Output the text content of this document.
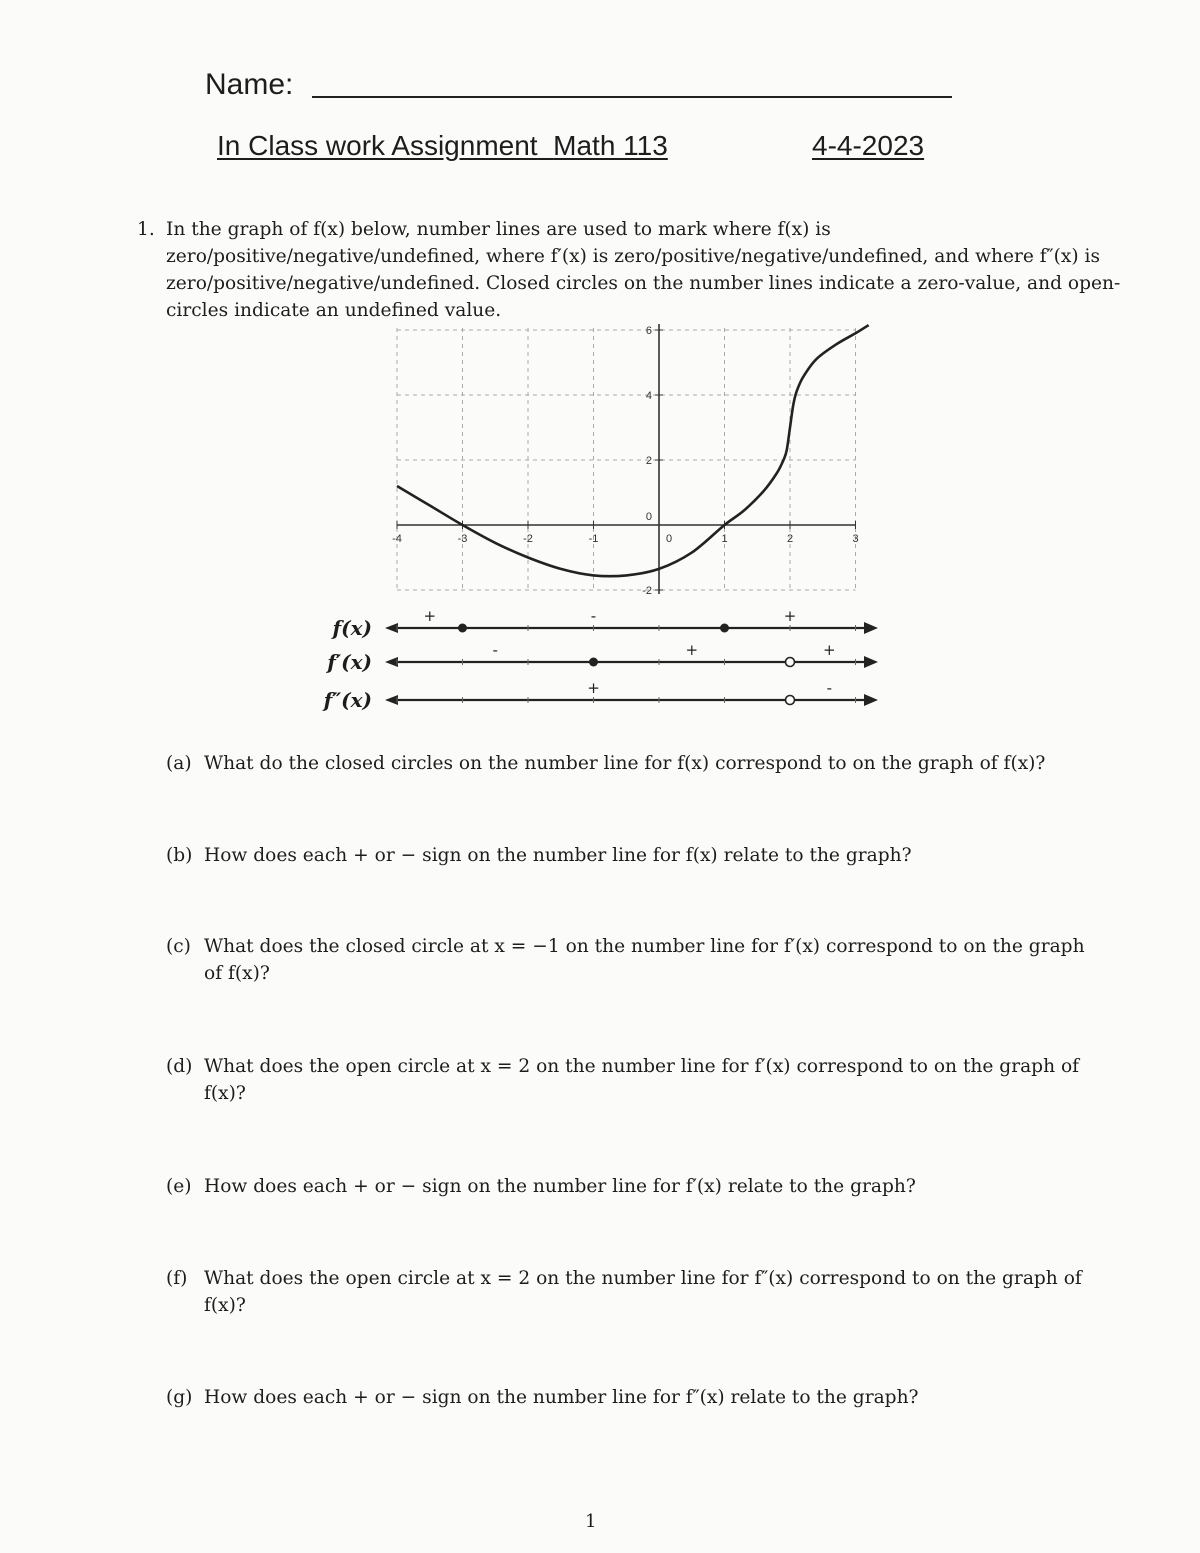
Name:
In Class work Assignment Math 113	4-4-2023
1. In the graph of f(x) below, number lines are used to mark where f(x) is zero/positive/negative/undefined, where f′(x) is zero/positive/negative/undefined, and where f″(x) is zero/positive/negative/undefined. Closed circles on the number lines indicate a zero-value, and open-circles indicate an undefined value.
-4	-3	-2	-1	0	1	2	3
-2
0
2
4
6
f(x)	+	-	+
f′(x)	-	+	+
f″(x)	+	-
(a) What do the closed circles on the number line for f(x) correspond to on the graph of f(x)?
(b) How does each + or − sign on the number line for f(x) relate to the graph?
(c) What does the closed circle at x = −1 on the number line for f′(x) correspond to on the graph of f(x)?
(d) What does the open circle at x = 2 on the number line for f′(x) correspond to on the graph of f(x)?
(e) How does each + or − sign on the number line for f′(x) relate to the graph?
(f) What does the open circle at x = 2 on the number line for f″(x) correspond to on the graph of f(x)?
(g) How does each + or − sign on the number line for f″(x) relate to the graph?
1
